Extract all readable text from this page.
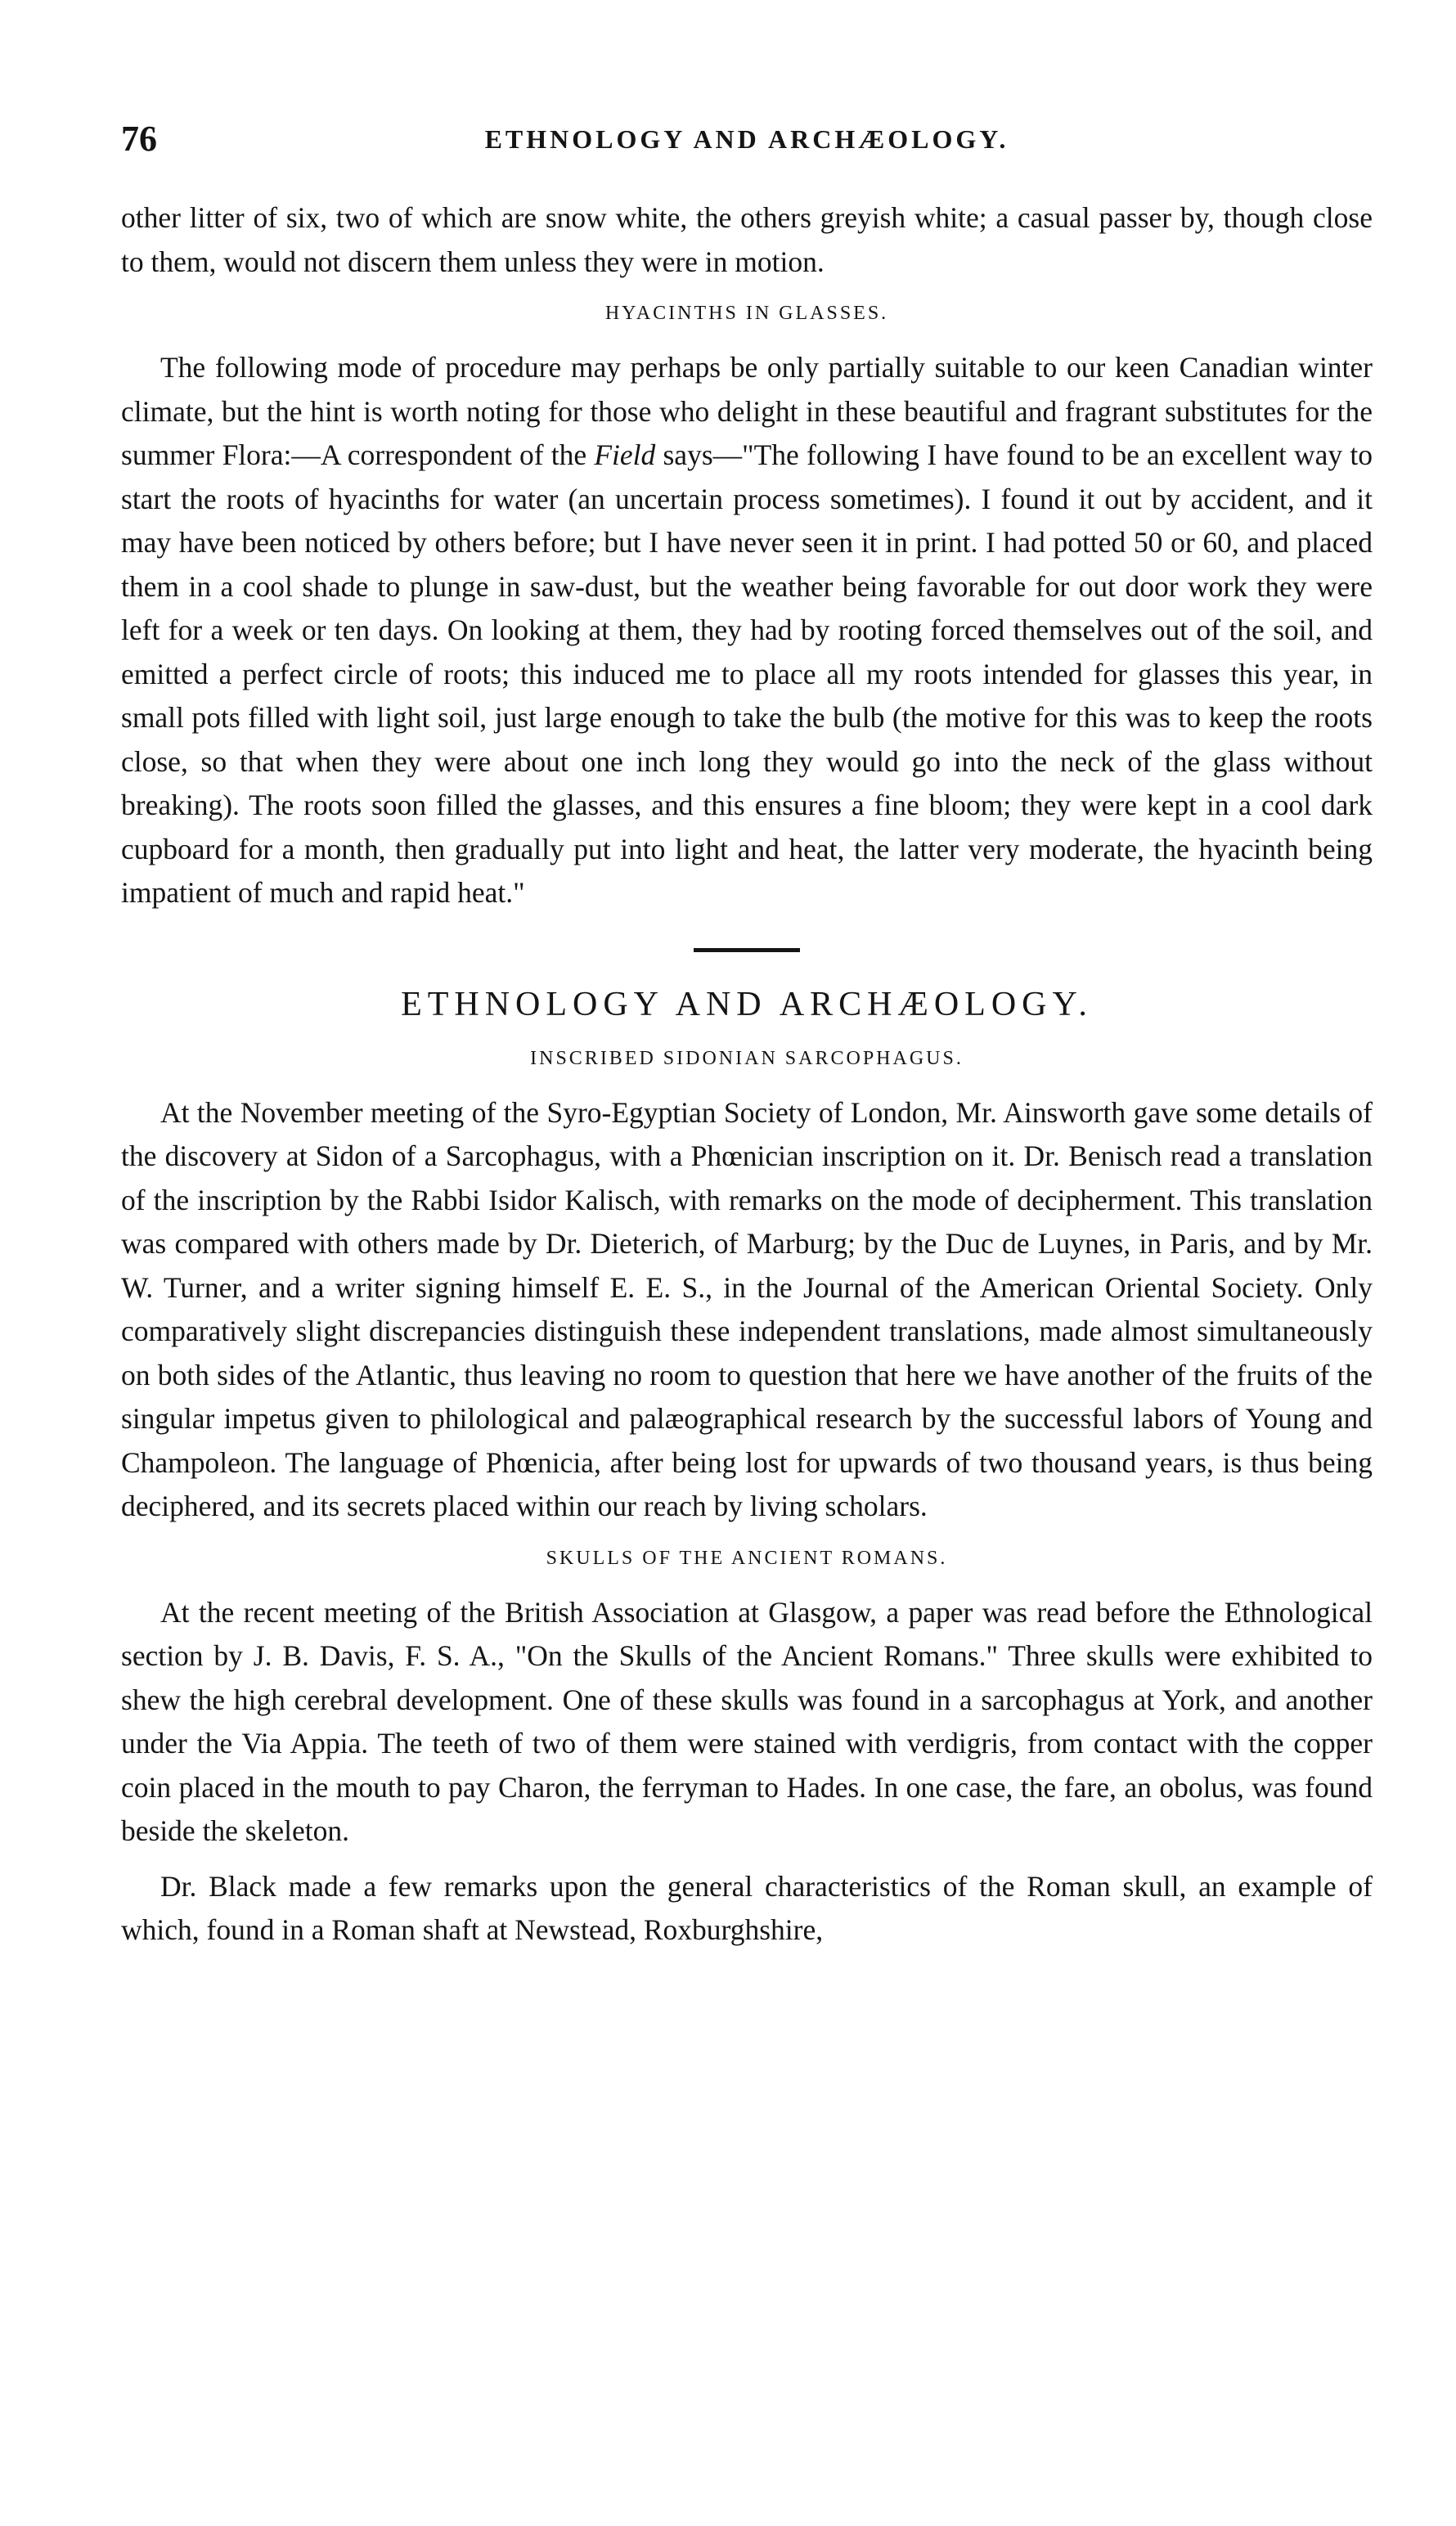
76	ETHNOLOGY AND ARCHÆOLOGY.

other litter of six, two of which are snow white, the others greyish white; a casual passer by, though close to them, would not discern them unless they were in motion.

HYACINTHS IN GLASSES.

The following mode of procedure may perhaps be only partially suitable to our keen Canadian winter climate, but the hint is worth noting for those who delight in these beautiful and fragrant substitutes for the summer Flora:—A correspondent of the Field says—"The following I have found to be an excellent way to start the roots of hyacinths for water (an uncertain process sometimes). I found it out by accident, and it may have been noticed by others before; but I have never seen it in print. I had potted 50 or 60, and placed them in a cool shade to plunge in saw-dust, but the weather being favorable for out door work they were left for a week or ten days. On looking at them, they had by rooting forced themselves out of the soil, and emitted a perfect circle of roots; this induced me to place all my roots intended for glasses this year, in small pots filled with light soil, just large enough to take the bulb (the motive for this was to keep the roots close, so that when they were about one inch long they would go into the neck of the glass without breaking). The roots soon filled the glasses, and this ensures a fine bloom; they were kept in a cool dark cupboard for a month, then gradually put into light and heat, the latter very moderate, the hyacinth being impatient of much and rapid heat."

ETHNOLOGY AND ARCHÆOLOGY.
INSCRIBED SIDONIAN SARCOPHAGUS.

At the November meeting of the Syro-Egyptian Society of London, Mr. Ainsworth gave some details of the discovery at Sidon of a Sarcophagus, with a Phœnician inscription on it. Dr. Benisch read a translation of the inscription by the Rabbi Isidor Kalisch, with remarks on the mode of decipherment. This translation was compared with others made by Dr. Dieterich, of Marburg; by the Duc de Luynes, in Paris, and by Mr. W. Turner, and a writer signing himself E. E. S., in the Journal of the American Oriental Society. Only comparatively slight discrepancies distinguish these independent translations, made almost simultaneously on both sides of the Atlantic, thus leaving no room to question that here we have another of the fruits of the singular impetus given to philological and palæographical research by the successful labors of Young and Champoleon. The language of Phœnicia, after being lost for upwards of two thousand years, is thus being deciphered, and its secrets placed within our reach by living scholars.

SKULLS OF THE ANCIENT ROMANS.

At the recent meeting of the British Association at Glasgow, a paper was read before the Ethnological section by J. B. Davis, F. S. A., "On the Skulls of the Ancient Romans." Three skulls were exhibited to shew the high cerebral development. One of these skulls was found in a sarcophagus at York, and another under the Via Appia. The teeth of two of them were stained with verdigris, from contact with the copper coin placed in the mouth to pay Charon, the ferryman to Hades. In one case, the fare, an obolus, was found beside the skeleton.

Dr. Black made a few remarks upon the general characteristics of the Roman skull, an example of which, found in a Roman shaft at Newstead, Roxburghshire,
